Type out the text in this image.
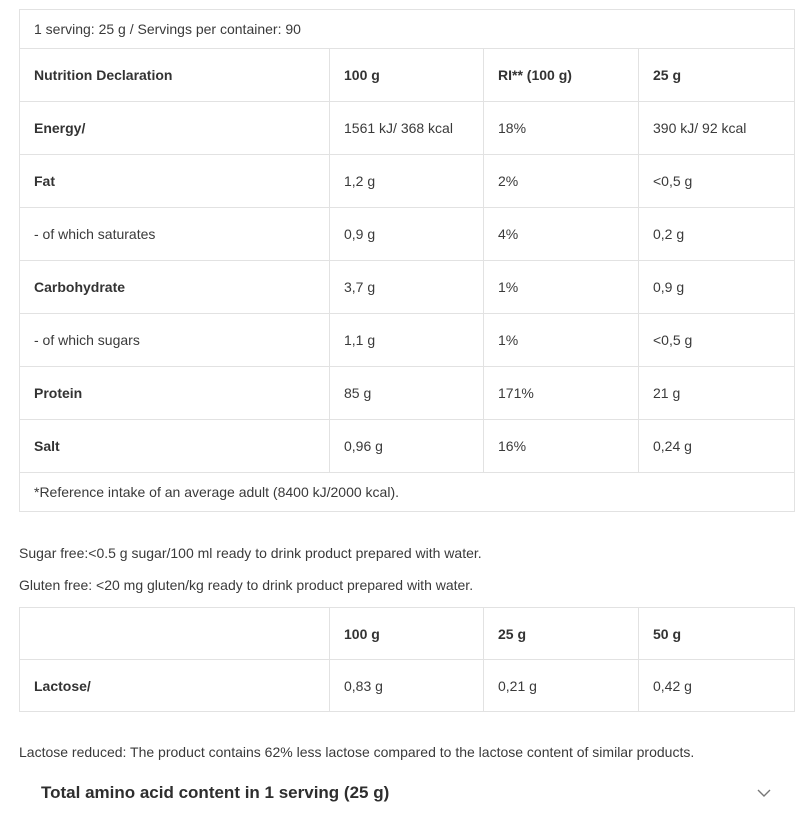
1 serving: 25 g / Servings per container: 90			
Nutrition Declaration	100 g	RI** (100 g)	25 g
Energy/	1561 kJ/ 368 kcal	18%	390 kJ/ 92 kcal
Fat	1,2 g	2%	<0,5 g
- of which saturates	0,9 g	4%	0,2 g
Carbohydrate	3,7 g	1%	0,9 g
- of which sugars	1,1 g	1%	<0,5 g
Protein	85 g	171%	21 g
Salt	0,96 g	16%	0,24 g
*Reference intake of an average adult (8400 kJ/2000 kcal).			
Sugar free:<0.5 g sugar/100 ml ready to drink product prepared with water.
Gluten free: <20 mg gluten/kg ready to drink product prepared with water.
	100 g	25 g	50 g
Lactose/	0,83 g	0,21 g	0,42 g
Lactose reduced: The product contains 62% less lactose compared to the lactose content of similar products.
Total amino acid content in 1 serving (25 g)
